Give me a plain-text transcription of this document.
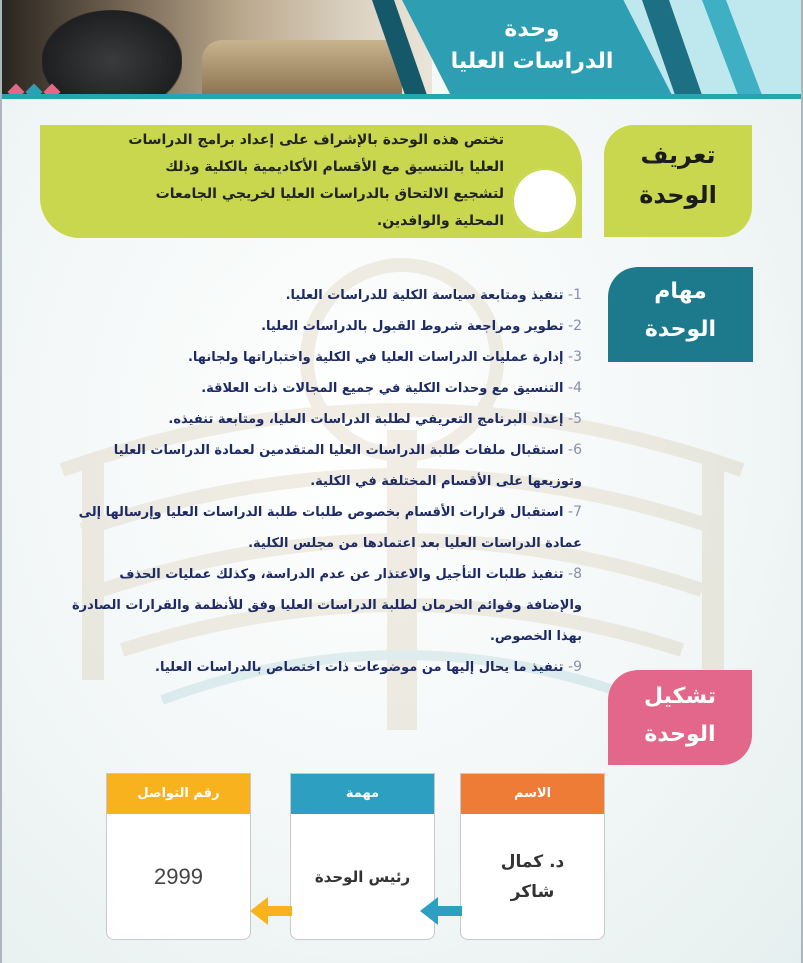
وحدة
الدراسات العليا
تعريف
الوحدة
تختص هذه الوحدة بالإشراف على إعداد برامج الدراسات العليا بالتنسيق مع الأقسام الأكاديمية بالكلية وذلك لتشجيع الالتحاق بالدراسات العليا لخريجي الجامعات المحلية والوافدين.
مهام
الوحدة
1- تنفيذ ومتابعة سياسة الكلية للدراسات العليا.
2- تطوير ومراجعة شروط القبول بالدراسات العليا.
3- إدارة عمليات الدراسات العليا في الكلية واختباراتها ولجانها.
4- التنسيق مع وحدات الكلية في جميع المجالات ذات العلاقة.
5- إعداد البرنامج التعريفي لطلبة الدراسات العليا، ومتابعة تنفيذه.
6- استقبال ملفات طلبة الدراسات العليا المتقدمين لعمادة الدراسات العليا وتوزيعها على الأقسام المختلفة في الكلية.
7- استقبال قرارات الأقسام بخصوص طلبات طلبة الدراسات العليا وإرسالها إلى عمادة الدراسات العليا بعد اعتمادها من مجلس الكلية.
8- تنفيذ طلبات التأجيل والاعتذار عن عدم الدراسة، وكذلك عمليات الحذف والإضافة وقوائم الحرمان لطلبة الدراسات العليا وفق للأنظمة والقرارات الصادرة بهذا الخصوص.
9- تنفيذ ما يحال إليها من موضوعات ذات اختصاص بالدراسات العليا.
تشكيل
الوحدة
الاسم
د. كمال شاكر
مهمة
رئيس الوحدة
رقم التواصل
2999
